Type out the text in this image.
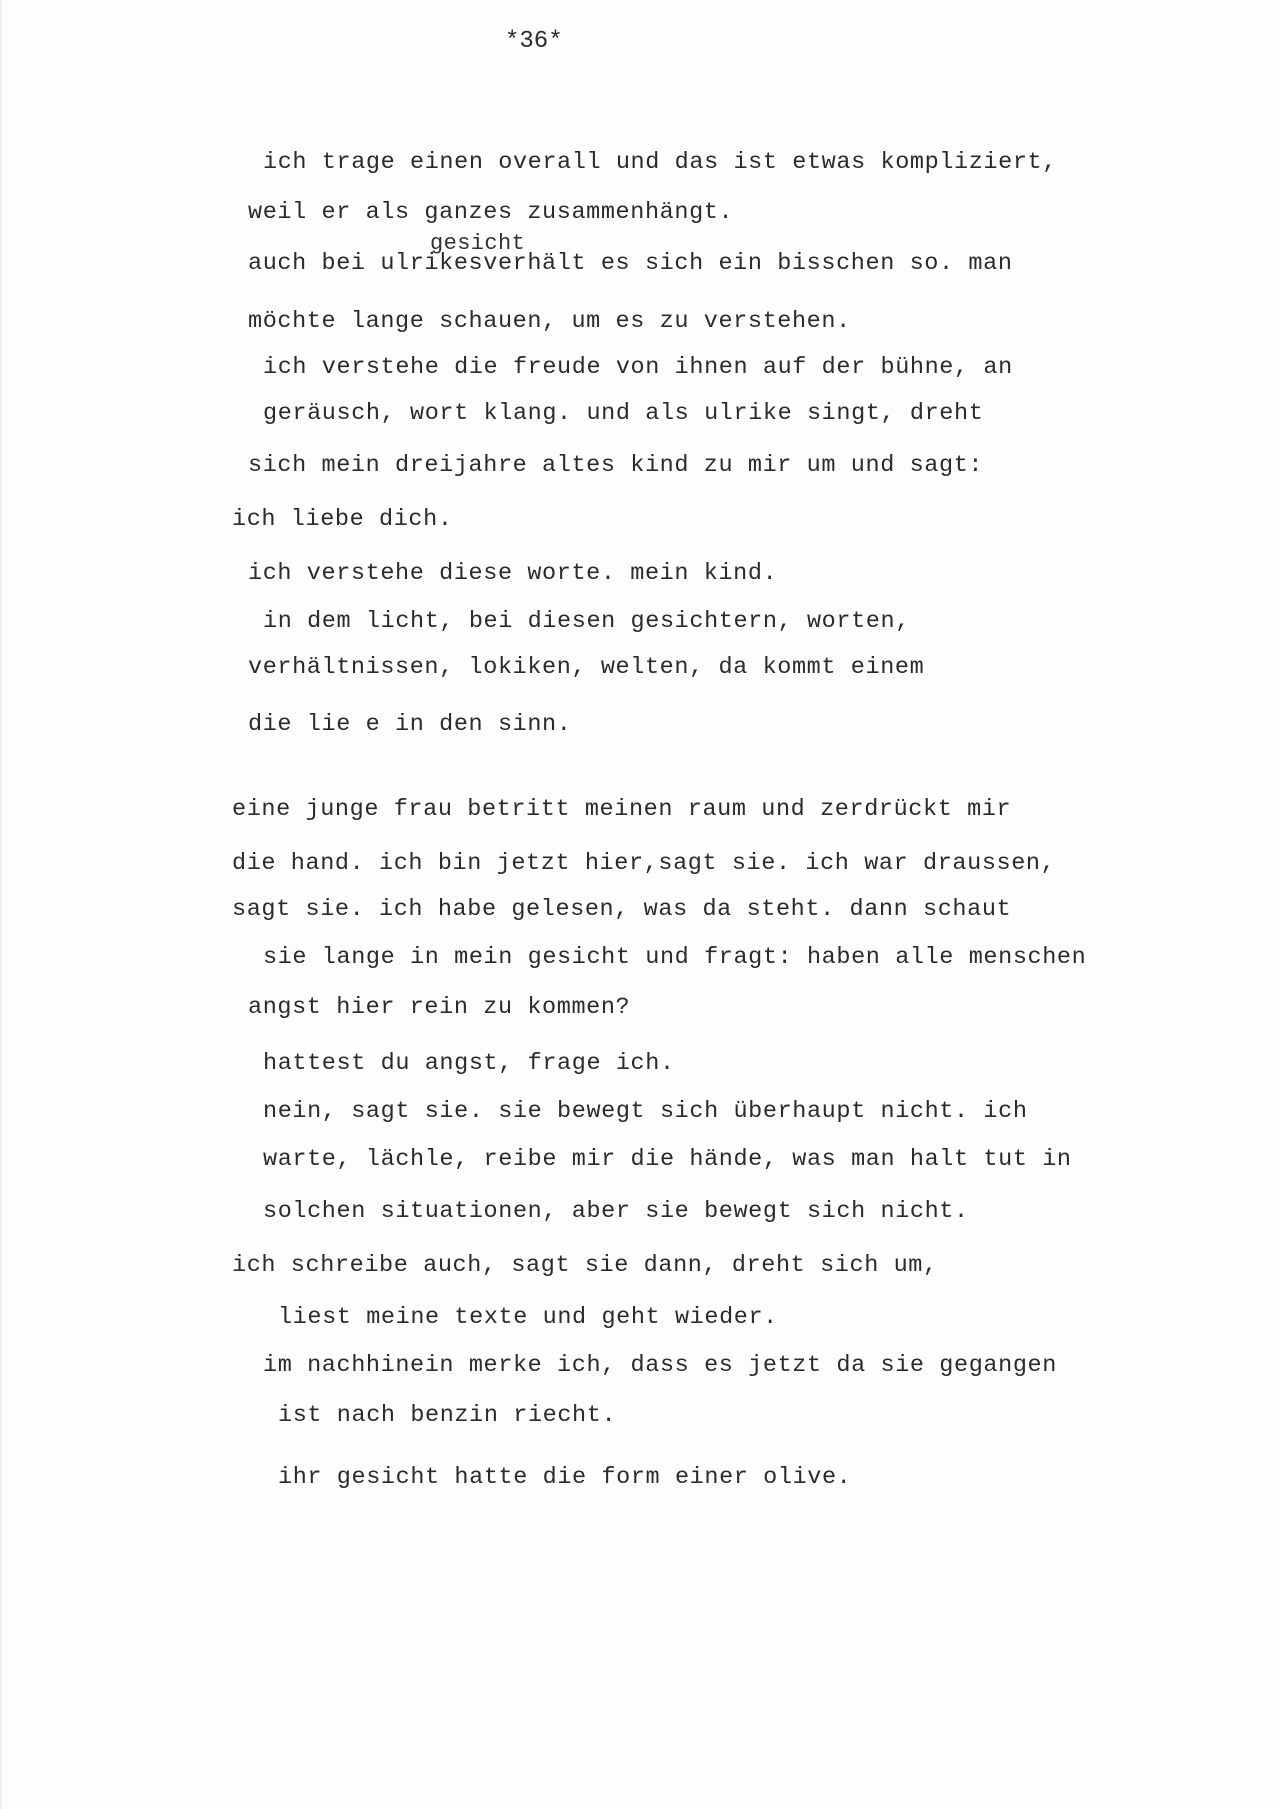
*36*
gesicht
ich trage einen overall und das ist etwas kompliziert,
weil er als ganzes zusammenhängt.
auch bei ulrikesverhält es sich ein bisschen so. man
möchte lange schauen, um es zu verstehen.
ich verstehe die freude von ihnen auf der bühne, an
geräusch, wort klang. und als ulrike singt, dreht
sich mein dreijahre altes kind zu mir um und sagt:
ich liebe dich.
ich verstehe diese worte. mein kind.
in dem licht, bei diesen gesichtern, worten,
verhältnissen, lokiken, welten, da kommt einem
die lie e in den sinn.
eine junge frau betritt meinen raum und zerdrückt mir
die hand. ich bin jetzt hier,sagt sie. ich war draussen,
sagt sie. ich habe gelesen, was da steht. dann schaut
sie lange in mein gesicht und fragt: haben alle menschen
angst hier rein zu kommen?
hattest du angst, frage ich.
nein, sagt sie. sie bewegt sich überhaupt nicht. ich
warte, lächle, reibe mir die hände, was man halt tut in
solchen situationen, aber sie bewegt sich nicht.
ich schreibe auch, sagt sie dann, dreht sich um,
liest meine texte und geht wieder.
im nachhinein merke ich, dass es jetzt da sie gegangen
ist nach benzin riecht.
ihr gesicht hatte die form einer olive.
